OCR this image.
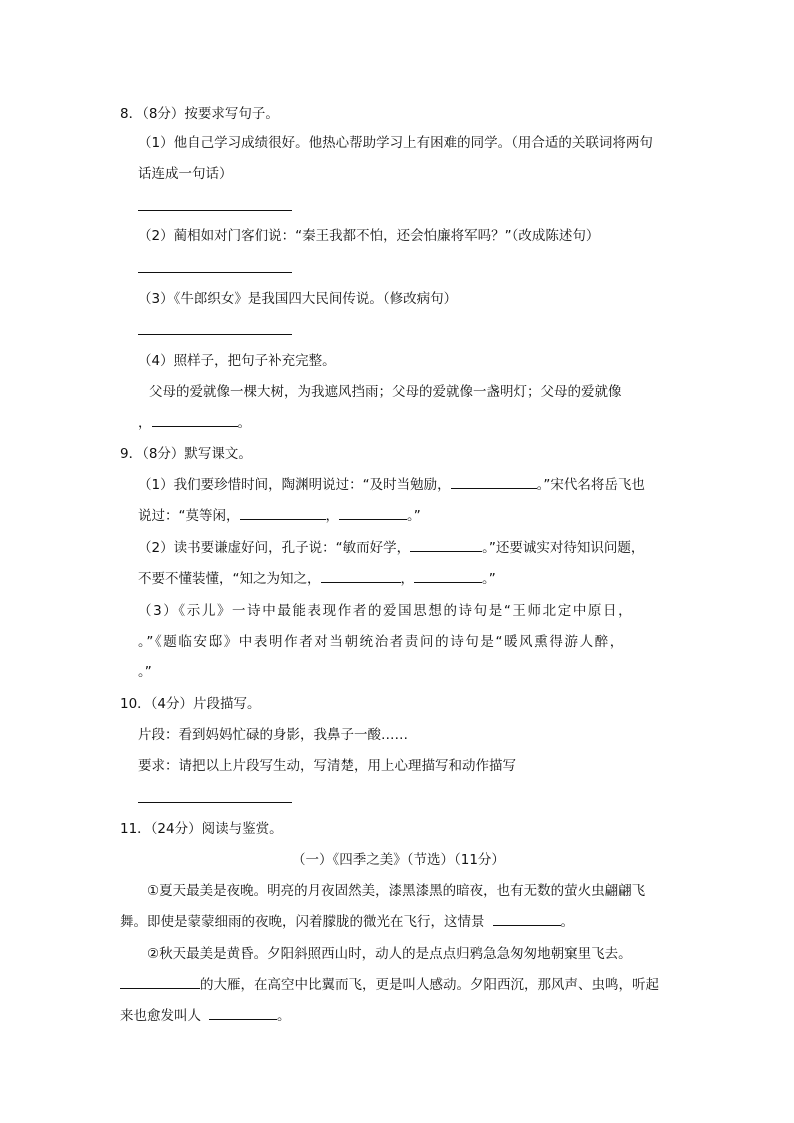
8．（8分）按要求写句子。
（1）他自己学习成绩很好。他热心帮助学习上有困难的同学。（用合适的关联词将两句
话连成一句话）
（2）蔺相如对门客们说：“秦王我都不怕，还会怕廉将军吗？”（改成陈述句）
（3）《牛郎织女》是我国四大民间传说。（修改病句）
（4）照样子，把句子补充完整。
父母的爱就像一棵大树，为我遮风挡雨；父母的爱就像一盏明灯；父母的爱就像
，	。
9．（8分）默写课文。
（1）我们要珍惜时间，陶渊明说过：“及时当勉励，	。”宋代名将岳飞也
说过：“莫等闲，	，	。”
（2）读书要谦虚好问，孔子说：“敏而好学，	。”还要诚实对待知识问题，
不要不懂装懂，“知之为知之，	，	。”
（3）《示儿》一诗中最能表现作者的爱国思想的诗句是“王师北定中原日，
。”《题临安邸》中表明作者对当朝统治者责问的诗句是“暖风熏得游人醉，
。”
10．（4分）片段描写。
片段：看到妈妈忙碌的身影，我鼻子一酸……
要求：请把以上片段写生动，写清楚，用上心理描写和动作描写
11．（24分）阅读与鉴赏。
（一）《四季之美》（节选）（11分）
①夏天最美是夜晚。明亮的月夜固然美，漆黑漆黑的暗夜，也有无数的萤火虫翩翩飞
舞。即使是蒙蒙细雨的夜晚，闪着朦胧的微光在飞行，这情景	。
②秋天最美是黄昏。夕阳斜照西山时，动人的是点点归鸦急急匆匆地朝窠里飞去。
的大雁，在高空中比翼而飞，更是叫人感动。夕阳西沉，那风声、虫鸣，听起
来也愈发叫人	。
